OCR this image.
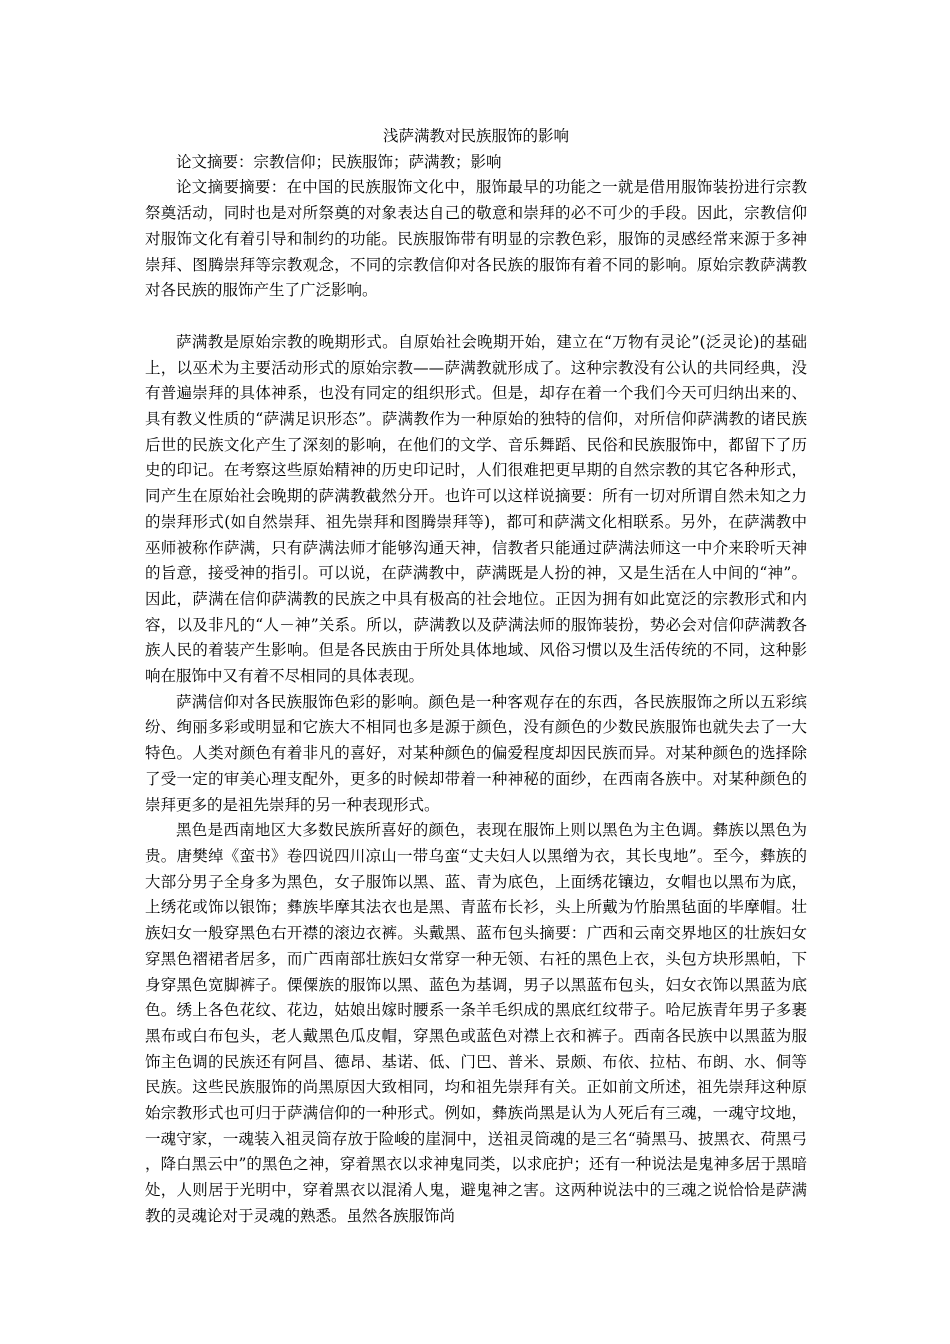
浅萨满教对民族服饰的影响

论文摘要：宗教信仰；民族服饰；萨满教；影响

论文摘要摘要：在中国的民族服饰文化中，服饰最早的功能之一就是借用服饰装扮进行宗教祭奠活动，同时也是对所祭奠的对象表达自己的敬意和崇拜的必不可少的手段。因此，宗教信仰对服饰文化有着引导和制约的功能。民族服饰带有明显的宗教色彩，服饰的灵感经常来源于多神崇拜、图腾崇拜等宗教观念，不同的宗教信仰对各民族的服饰有着不同的影响。原始宗教萨满教对各民族的服饰产生了广泛影响。

萨满教是原始宗教的晚期形式。自原始社会晚期开始，建立在“万物有灵论”(泛灵论)的基础上，以巫术为主要活动形式的原始宗教——萨满教就形成了。这种宗教没有公认的共同经典，没有普遍崇拜的具体神系，也没有同定的组织形式。但是，却存在着一个我们今天可归纳出来的、具有教义性质的“萨满足识形态”。萨满教作为一种原始的独特的信仰，对所信仰萨满教的诸民族后世的民族文化产生了深刻的影响，在他们的文学、音乐舞蹈、民俗和民族服饰中，都留下了历史的印记。在考察这些原始精神的历史印记时，人们很难把更早期的自然宗教的其它各种形式，同产生在原始社会晚期的萨满教截然分开。也许可以这样说摘要：所有一切对所谓自然未知之力的崇拜形式(如自然崇拜、祖先崇拜和图腾崇拜等)，都可和萨满文化相联系。另外，在萨满教中巫师被称作萨满，只有萨满法师才能够沟通天神，信教者只能通过萨满法师这一中介来聆听天神的旨意，接受神的指引。可以说，在萨满教中，萨满既是人扮的神，又是生活在人中间的“神”。因此，萨满在信仰萨满教的民族之中具有极高的社会地位。正因为拥有如此宽泛的宗教形式和内容，以及非凡的“人－神”关系。所以，萨满教以及萨满法师的服饰装扮，势必会对信仰萨满教各族人民的着装产生影响。但是各民族由于所处具体地域、风俗习惯以及生活传统的不同，这种影响在服饰中又有着不尽相同的具体表现。

萨满信仰对各民族服饰色彩的影响。颜色是一种客观存在的东西，各民族服饰之所以五彩缤纷、绚丽多彩或明显和它族大不相同也多是源于颜色，没有颜色的少数民族服饰也就失去了一大特色。人类对颜色有着非凡的喜好，对某种颜色的偏爱程度却因民族而异。对某种颜色的选择除了受一定的审美心理支配外，更多的时候却带着一种神秘的面纱，在西南各族中。对某种颜色的崇拜更多的是祖先崇拜的另一种表现形式。

黑色是西南地区大多数民族所喜好的颜色，表现在服饰上则以黑色为主色调。彝族以黑色为贵。唐樊绰《蛮书》卷四说四川凉山一带乌蛮“丈夫妇人以黑缯为衣，其长曳地”。至今，彝族的大部分男子全身多为黑色，女子服饰以黑、蓝、青为底色，上面绣花镶边，女帽也以黑布为底，上绣花或饰以银饰；彝族毕摩其法衣也是黑、青蓝布长衫，头上所戴为竹胎黑毡面的毕摩帽。壮族妇女一般穿黑色右开襟的滚边衣裤。头戴黑、蓝布包头摘要：广西和云南交界地区的壮族妇女穿黑色褶裙者居多，而广西南部壮族妇女常穿一种无领、右衽的黑色上衣，头包方块形黑帕，下身穿黑色宽脚裤子。傈僳族的服饰以黑、蓝色为基调，男子以黑蓝布包头，妇女衣饰以黑蓝为底色。绣上各色花纹、花边，姑娘出嫁时腰系一条羊毛织成的黑底红纹带子。哈尼族青年男子多裹黑布或白布包头，老人戴黑色瓜皮帽，穿黑色或蓝色对襟上衣和裤子。西南各民族中以黑蓝为服饰主色调的民族还有阿昌、德昂、基诺、低、门巴、普米、景颇、布依、拉枯、布朗、水、侗等民族。这些民族服饰的尚黑原因大致相同，均和祖先崇拜有关。正如前文所述，祖先崇拜这种原始宗教形式也可归于萨满信仰的一种形式。例如，彝族尚黑是认为人死后有三魂，一魂守坟地，一魂守家，一魂装入祖灵筒存放于险峻的崖洞中，送祖灵筒魂的是三名“骑黑马、披黑衣、荷黑弓，降白黑云中”的黑色之神，穿着黑衣以求神鬼同类，以求庇护；还有一种说法是鬼神多居于黑暗处，人则居于光明中，穿着黑衣以混淆人鬼，避鬼神之害。这两种说法中的三魂之说恰恰是萨满教的灵魂论对于灵魂的熟悉。虽然各族服饰尚
